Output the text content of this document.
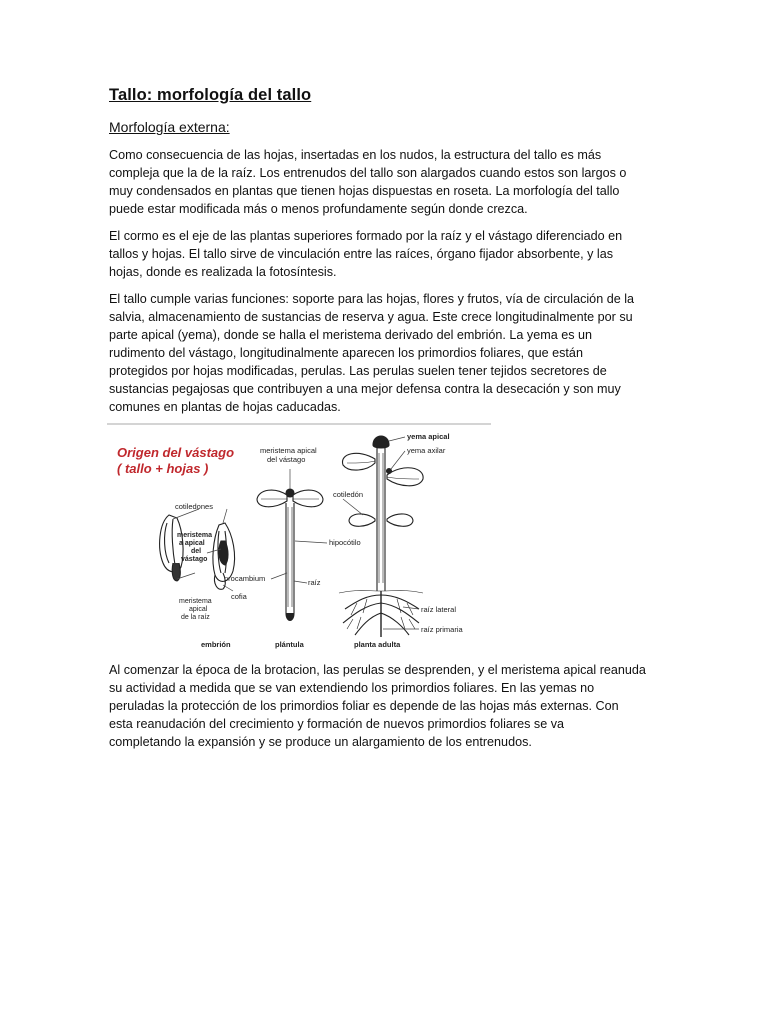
Tallo: morfología del tallo
Morfología externa:

Como consecuencia de las hojas, insertadas en los nudos, la estructura del tallo es más
compleja que la de la raíz. Los entrenudos del tallo son alargados cuando estos son largos o
muy condensados en plantas que tienen hojas dispuestas en roseta. La morfología del tallo
puede estar modificada más o menos profundamente según donde crezca.

El cormo es el eje de las plantas superiores formado por la raíz y el vástago diferenciado en
tallos y hojas. El tallo sirve de vinculación entre las raíces, órgano fijador absorbente, y las
hojas, donde es realizada la fotosíntesis.

El tallo cumple varias funciones: soporte para las hojas, flores y frutos, vía de circulación de la
salvia, almacenamiento de sustancias de reserva y agua. Este crece longitudinalmente por su
parte apical (yema), donde se halla el meristema derivado del embrión. La yema es un
rudimento del vástago, longitudinalmente aparecen los primordios foliares, que están
protegidos por hojas modificadas, perulas. Las perulas suelen tener tejidos secretores de
sustancias pegajosas que contribuyen a una mejor defensa contra la desecación y son muy
comunes en plantas de hojas caducadas.

Origen del vástago
( tallo + hojas )
cotiledones
meristema
a apical
del
vástago
meristema
apical
de la raíz
cofia
meristema apical
del vástago
hipocótilo
procambium	raíz
yema apical
yema axilar
cotiledón
raíz lateral
raíz primaria
embrión	plántula	planta adulta

Al comenzar la época de la brotacion, las perulas se desprenden, y el meristema apical reanuda
su actividad a medida que se van extendiendo los primordios foliares. En las yemas no
peruladas la protección de los primordios foliar es depende de las hojas más externas. Con
esta reanudación del crecimiento y formación de nuevos primordios foliares se va
completando la expansión y se produce un alargamiento de los entrenudos.
